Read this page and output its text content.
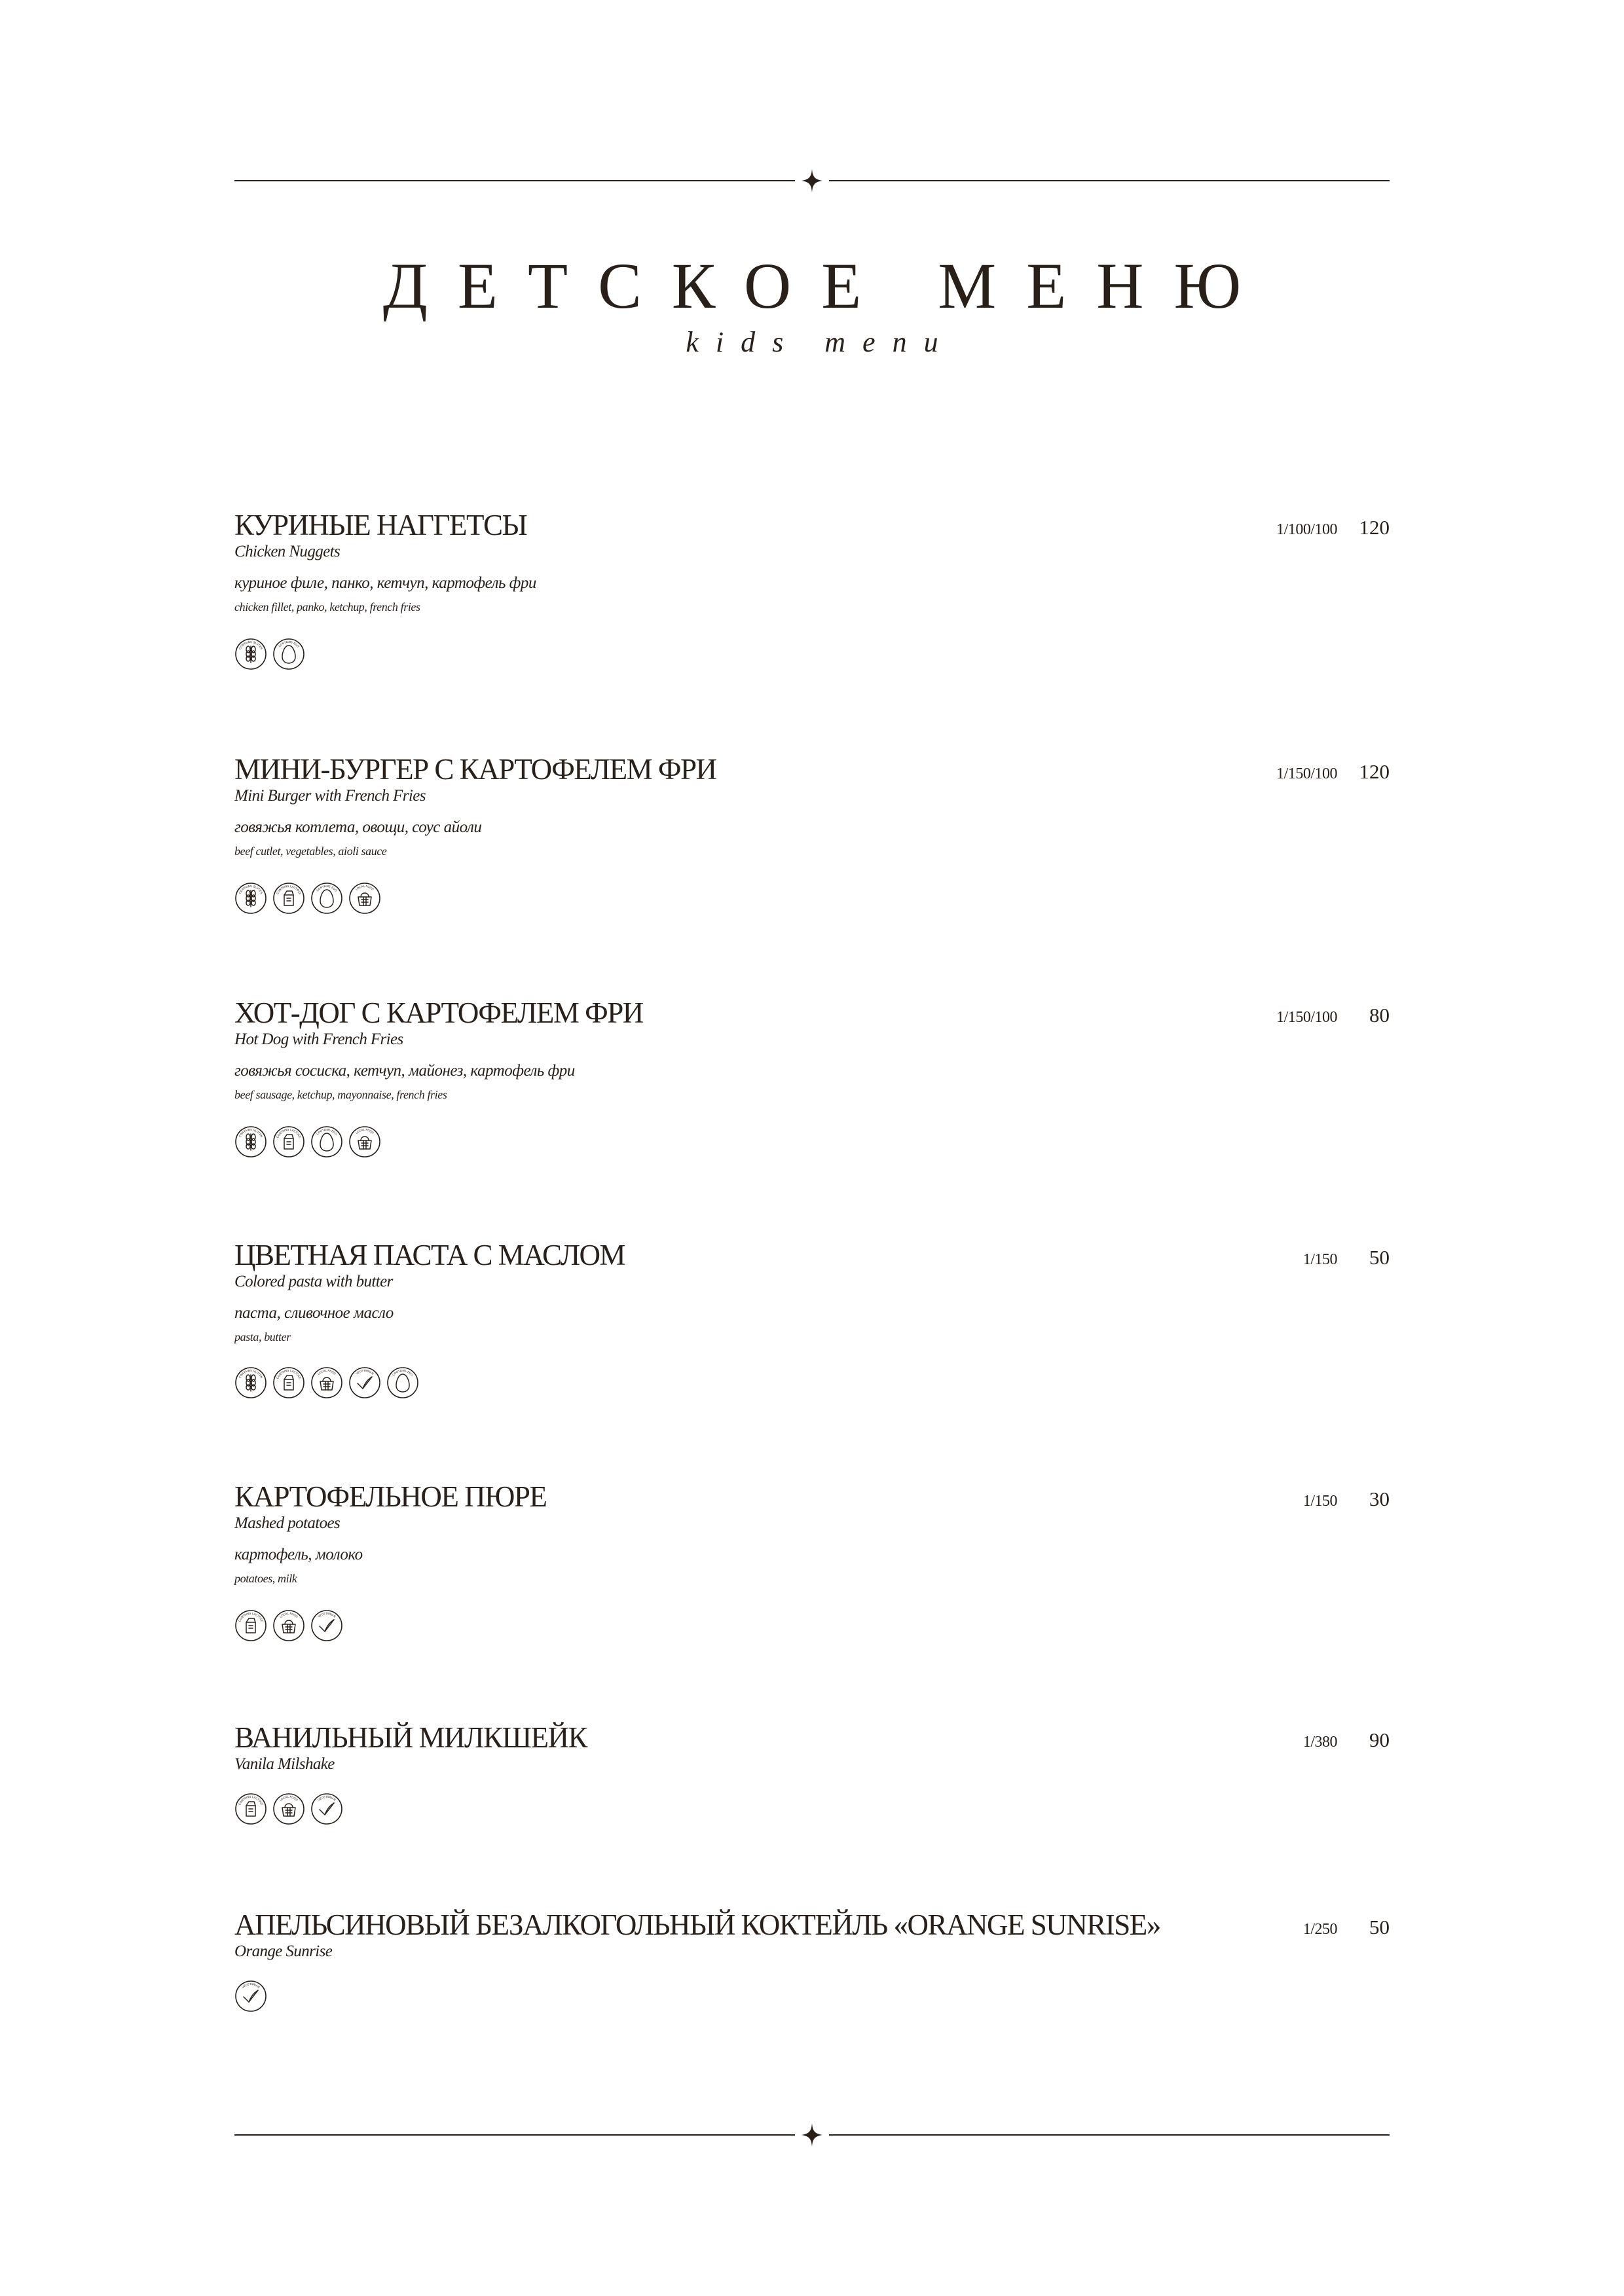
ДЕТСКОЕ МЕНЮ
kids menu
КУРИНЫЕ НАГГЕТСЫ
Chicken Nuggets
куриное филе, панко, кетчуп, картофель фри
chicken fillet, panko, ketchup, french fries
1/100/100 120
CONTAINS GLUTEN
CONTAINS EGG
МИНИ-БУРГЕР С КАРТОФЕЛЕМ ФРИ
Mini Burger with French Fries
говяжья котлета, овощи, соус айоли
beef cutlet, vegetables, aioli sauce
1/150/100 120
CONTAINS GLUTEN	CONTAINS LACTOSE
CONTAINS EGG	LOCAL FOOD
ХОТ-ДОГ С КАРТОФЕЛЕМ ФРИ
Hot Dog with French Fries
говяжья сосиска, кетчуп, майонез, картофель фри
beef sausage, ketchup, mayonnaise, french fries
1/150/100 80
CONTAINS GLUTEN	CONTAINS LACTOSE
CONTAINS EGG	LOCAL FOOD
ЦВЕТНАЯ ПАСТА С МАСЛОМ
Colored pasta with butter
паста, сливочное масло
pasta, butter
1/150 50
CONTAINS GLUTEN	CONTAINS LACTOSE
LOCAL FOOD	VEGETARIAN	CONTAINS EGG
КАРТОФЕЛЬНОЕ ПЮРЕ
Mashed potatoes
картофель, молоко
potatoes, milk
1/150 30
CONTAINS LACTOSE
LOCAL FOOD	VEGETARIAN
ВАНИЛЬНЫЙ МИЛКШЕЙК
Vanila Milshake
1/380 90
CONTAINS LACTOSE
LOCAL FOOD	VEGETARIAN
АПЕЛЬСИНОВЫЙ БЕЗАЛКОГОЛЬНЫЙ КОКТЕЙЛЬ «ORANGE SUNRISE»
Orange Sunrise
1/250 50
VEGETARIAN
